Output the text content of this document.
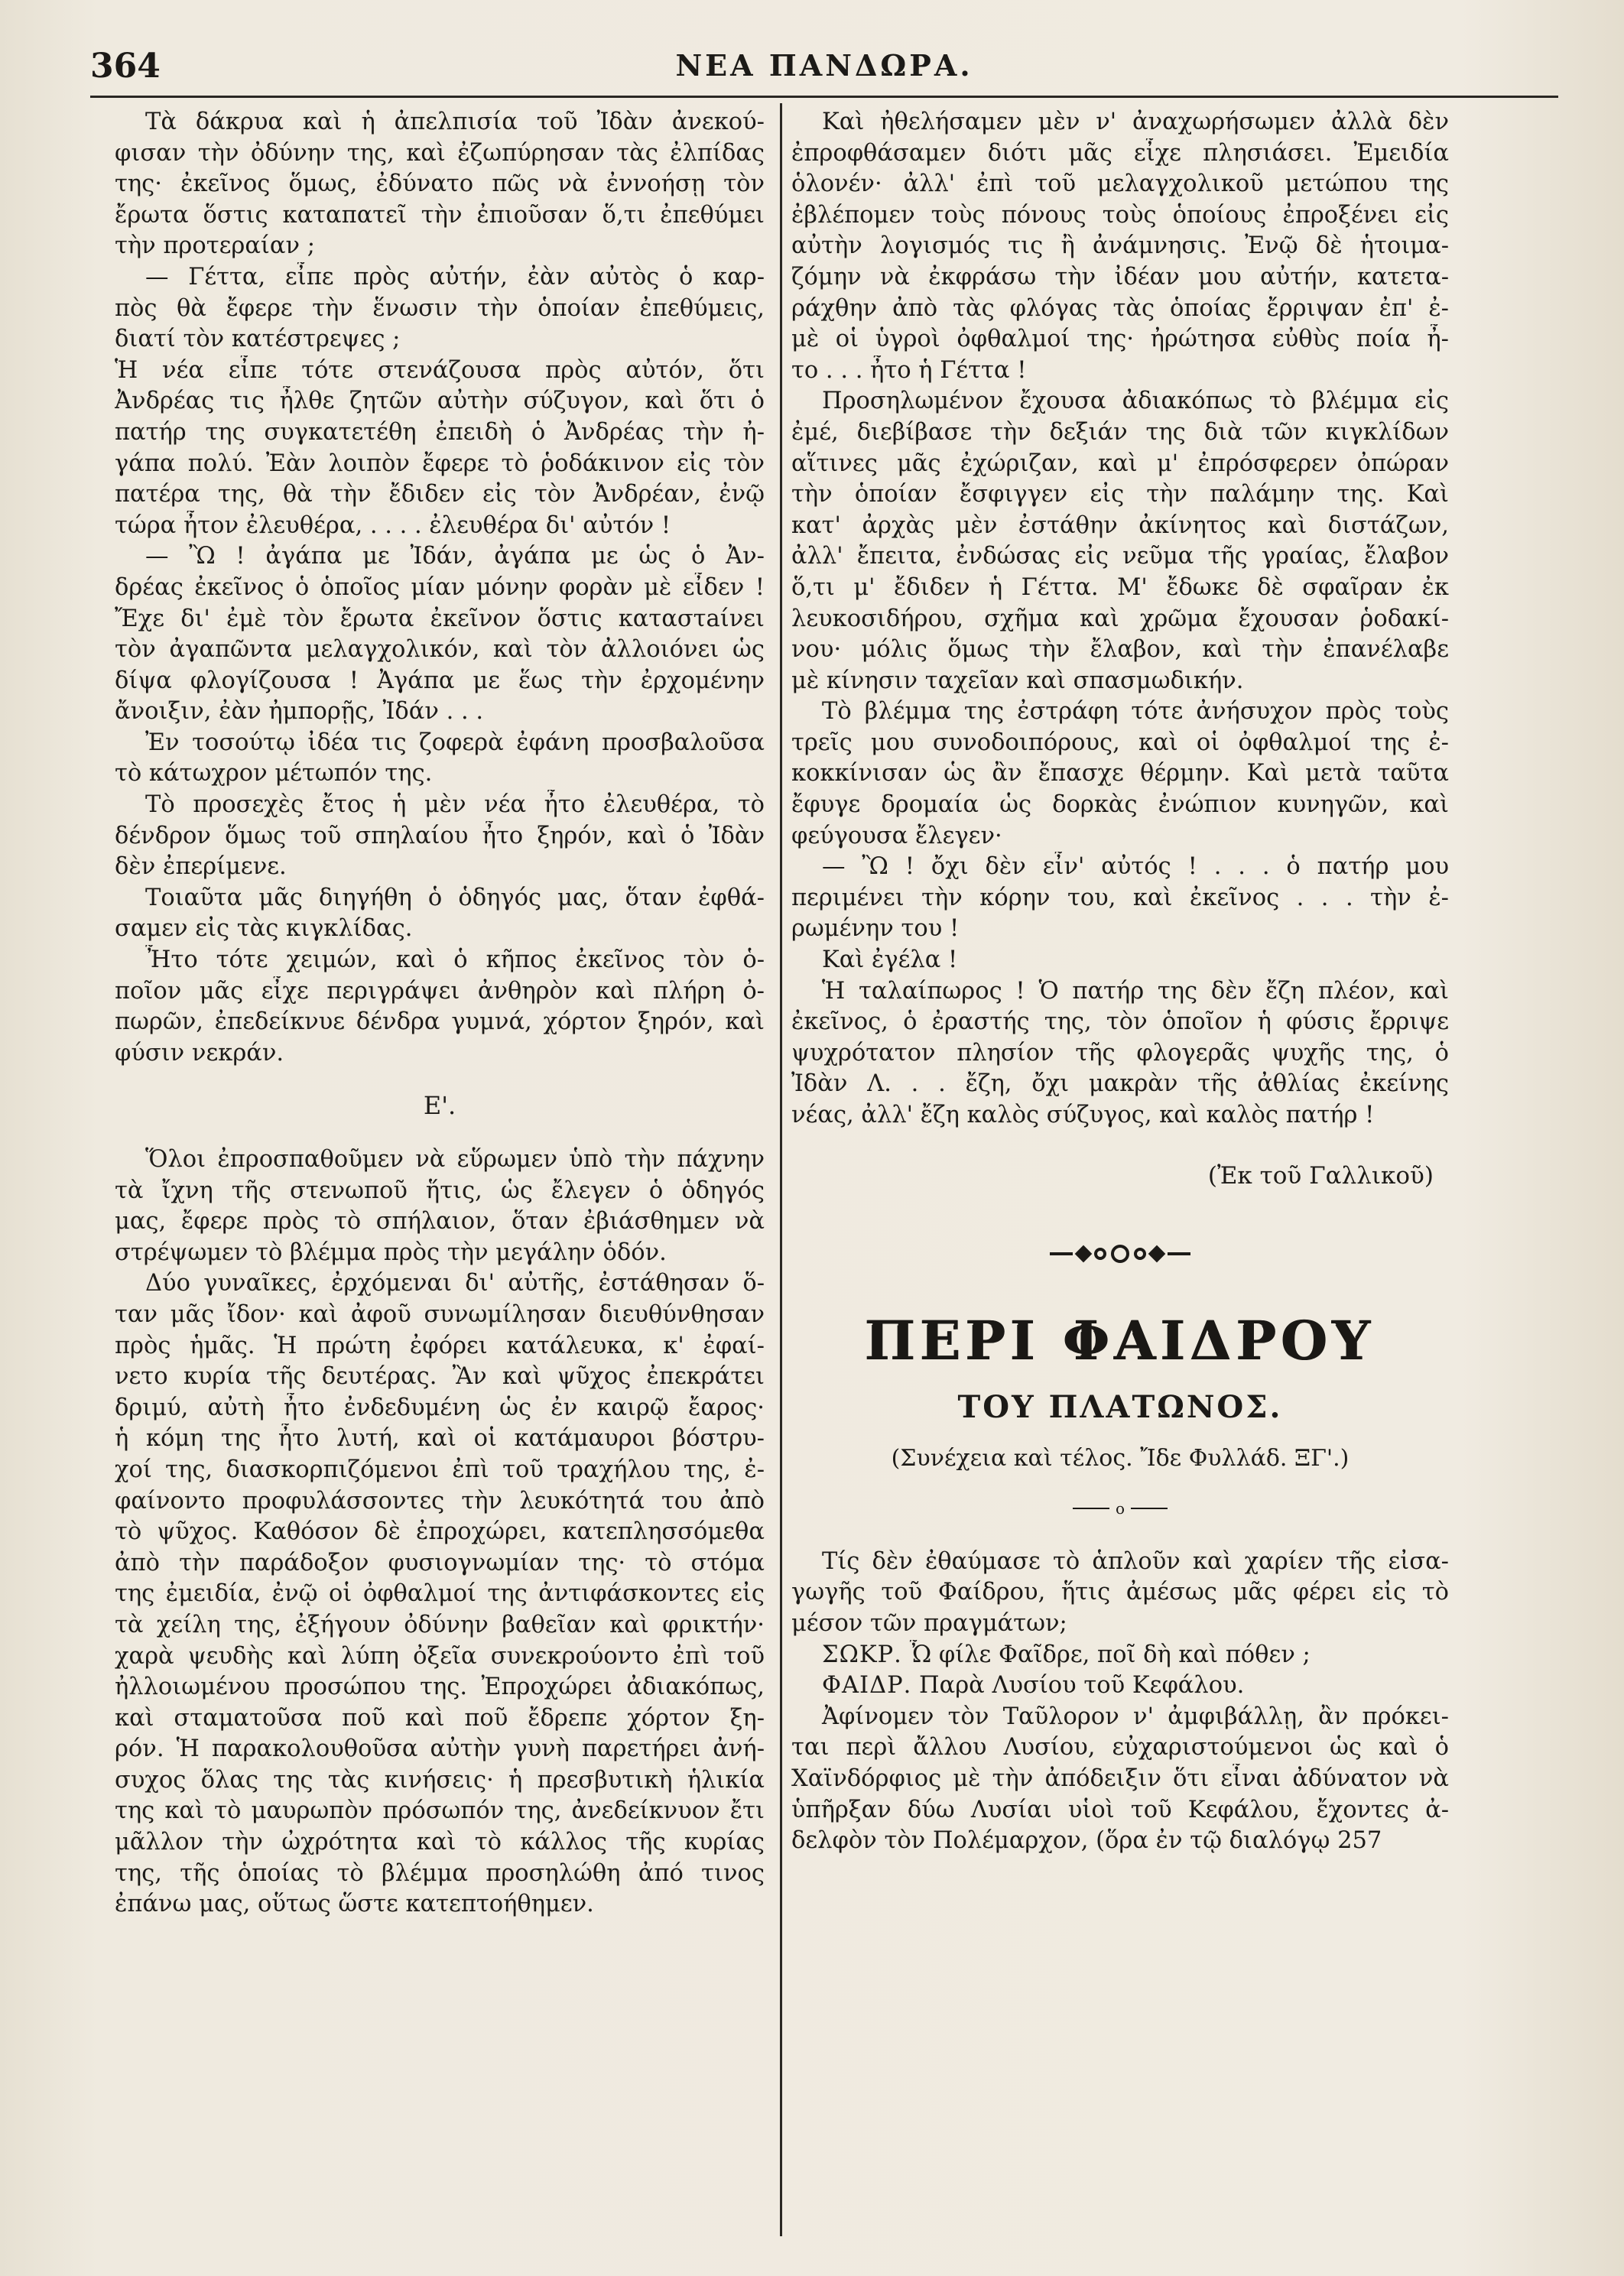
364	ΝΕΑ ΠΑΝΔΩΡΑ.
Τὰ δάκρυα καὶ ἡ ἀπελπισία τοῦ Ἰδὰν ἀνεκού-
φισαν τὴν ὀδύνην της, καὶ ἐζωπύρησαν τὰς ἐλπίδας
της· ἐκεῖνος ὅμως, ἐδύνατο πῶς νὰ ἐννοήσῃ τὸν
ἔρωτα ὅστις καταπατεῖ τὴν ἐπιοῦσαν ὅ,τι ἐπεθύμει
τὴν προτεραίαν ;
— Γέττα, εἶπε πρὸς αὐτήν, ἐὰν αὐτὸς ὁ καρ-
πὸς θὰ ἔφερε τὴν ἕνωσιν τὴν ὁποίαν ἐπεθύμεις,
διατί τὸν κατέστρεψες ;
Ἡ νέα εἶπε τότε στενάζουσα πρὸς αὐτόν, ὅτι
Ἀνδρέας τις ἦλθε ζητῶν αὐτὴν σύζυγον, καὶ ὅτι ὁ
πατήρ της συγκατετέθη ἐπειδὴ ὁ Ἀνδρέας τὴν ἠ-
γάπα πολύ. Ἐὰν λοιπὸν ἔφερε τὸ ῥοδάκινον εἰς τὸν
πατέρα της, θὰ τὴν ἔδιδεν εἰς τὸν Ἀνδρέαν, ἐνῷ
τώρα ἦτον ἐλευθέρα, . . . . ἐλευθέρα δι' αὐτόν !
— Ὢ ! ἀγάπα με Ἰδάν, ἀγάπα με ὡς ὁ Ἀν-
δρέας ἐκεῖνος ὁ ὁποῖος μίαν μόνην φορὰν μὲ εἶδεν !
Ἔχε δι' ἐμὲ τὸν ἔρωτα ἐκεῖνον ὅστις καταστaίνει
τὸν ἀγαπῶντα μελαγχολικόν, καὶ τὸν ἀλλοιόνει ὡς
δίψα φλογίζουσα ! Ἀγάπα με ἕως τὴν ἐρχομένην
ἄνοιξιν, ἐὰν ἠμπορῇς, Ἰδάν . . .
Ἐν τοσούτῳ ἰδέα τις ζοφερὰ ἐφάνη προσβαλοῦσα
τὸ κάτωχρον μέτωπόν της.
Τὸ προσεχὲς ἔτος ἡ μὲν νέα ἦτο ἐλευθέρα, τὸ
δένδρον ὅμως τοῦ σπηλαίου ἦτο ξηρόν, καὶ ὁ Ἰδὰν
δὲν ἐπερίμενε.
Τοιαῦτα μᾶς διηγήθη ὁ ὁδηγός μας, ὅταν ἐφθά-
σαμεν εἰς τὰς κιγκλίδας.
Ἦτο τότε χειμών, καὶ ὁ κῆπος ἐκεῖνος τὸν ὁ-
ποῖον μᾶς εἶχε περιγράψει ἀνθηρὸν καὶ πλήρη ὀ-
πωρῶν, ἐπεδείκνυε δένδρα γυμνά, χόρτον ξηρόν, καὶ
φύσιν νεκράν.
Ε'.
Ὅλοι ἐπροσπαθοῦμεν νὰ εὕρωμεν ὑπὸ τὴν πάχνην
τὰ ἴχνη τῆς στενωποῦ ἥτις, ὡς ἔλεγεν ὁ ὁδηγός
μας, ἔφερε πρὸς τὸ σπήλαιον, ὅταν ἐβιάσθημεν νὰ
στρέψωμεν τὸ βλέμμα πρὸς τὴν μεγάλην ὁδόν.
Δύο γυναῖκες, ἐρχόμεναι δι' αὐτῆς, ἐστάθησαν ὅ-
ταν μᾶς ἴδον· καὶ ἀφοῦ συνωμίλησαν διευθύνθησαν
πρὸς ἡμᾶς. Ἡ πρώτη ἐφόρει κατάλευκα, κ' ἐφαί-
νετο κυρία τῆς δευτέρας. Ἂν καὶ ψῦχος ἐπεκράτει
δριμύ, αὐτὴ ἦτο ἐνδεδυμένη ὡς ἐν καιρῷ ἔαρος·
ἡ κόμη της ἦτο λυτή, καὶ οἱ κατάμαυροι βόστρυ-
χοί της, διασκορπιζόμενοι ἐπὶ τοῦ τραχήλου της, ἐ-
φαίνοντο προφυλάσσοντες τὴν λευκότητά του ἀπὸ
τὸ ψῦχος. Καθόσον δὲ ἐπροχώρει, κατεπλησσόμεθα
ἀπὸ τὴν παράδοξον φυσιογνωμίαν της· τὸ στόμα
της ἐμειδία, ἐνῷ οἱ ὀφθαλμοί της ἀντιφάσκοντες εἰς
τὰ χείλη της, ἐξήγουν ὀδύνην βαθεῖαν καὶ φρικτήν·
χαρὰ ψευδὴς καὶ λύπη ὀξεῖα συνεκρούοντο ἐπὶ τοῦ
ἠλλοιωμένου προσώπου της. Ἐπροχώρει ἀδιακόπως,
καὶ σταματοῦσα ποῦ καὶ ποῦ ἔδρεπε χόρτον ξη-
ρόν. Ἡ παρακολουθοῦσα αὐτὴν γυνὴ παρετήρει ἀνή-
συχος ὅλας της τὰς κινήσεις· ἡ πρεσβυτικὴ ἡλικία
της καὶ τὸ μαυρωπὸν πρόσωπόν της, ἀνεδείκνυον ἔτι
μᾶλλον τὴν ὠχρότητα καὶ τὸ κάλλος τῆς κυρίας
της, τῆς ὁποίας τὸ βλέμμα προσηλώθη ἀπό τινος
ἐπάνω μας, οὕτως ὥστε κατεπτοήθημεν.
Καὶ ἠθελήσαμεν μὲν ν' ἀναχωρήσωμεν ἀλλὰ δὲν
ἐπροφθάσαμεν διότι μᾶς εἶχε πλησιάσει. Ἐμειδία
ὁλονέν· ἀλλ' ἐπὶ τοῦ μελαγχολικοῦ μετώπου της
ἐβλέπομεν τοὺς πόνους τοὺς ὁποίους ἐπροξένει εἰς
αὐτὴν λογισμός τις ἢ ἀνάμνησις. Ἐνῷ δὲ ἡτοιμα-
ζόμην νὰ ἐκφράσω τὴν ἰδέαν μου αὐτήν, κατετα-
ράχθην ἀπὸ τὰς φλόγας τὰς ὁποίας ἔρριψαν ἐπ' ἐ-
μὲ οἱ ὑγροὶ ὀφθαλμοί της· ἠρώτησα εὐθὺς ποία ἦ-
το . . . ἦτο ἡ Γέττα !
Προσηλωμένον ἔχουσα ἀδιακόπως τὸ βλέμμα εἰς
ἐμέ, διεβίβασε τὴν δεξιάν της διὰ τῶν κιγκλίδων
αἵτινες μᾶς ἐχώριζαν, καὶ μ' ἐπρόσφερεν ὀπώραν
τὴν ὁποίαν ἔσφιγγεν εἰς τὴν παλάμην της. Καὶ
κατ' ἀρχὰς μὲν ἐστάθην ἀκίνητος καὶ διστάζων,
ἀλλ' ἔπειτα, ἐνδώσας εἰς νεῦμα τῆς γραίας, ἔλαβον
ὅ,τι μ' ἔδιδεν ἡ Γέττα. Μ' ἔδωκε δὲ σφαῖραν ἐκ
λευκοσιδήρου, σχῆμα καὶ χρῶμα ἔχουσαν ῥοδακί-
νου· μόλις ὅμως τὴν ἔλαβον, καὶ τὴν ἐπανέλαβε
μὲ κίνησιν ταχεῖαν καὶ σπασμωδικήν.
Τὸ βλέμμα της ἐστράφη τότε ἀνήσυχον πρὸς τοὺς
τρεῖς μου συνοδοιπόρους, καὶ οἱ ὀφθαλμοί της ἐ-
κοκκίνισαν ὡς ἂν ἔπασχε θέρμην. Καὶ μετὰ ταῦτα
ἔφυγε δρομαία ὡς δορκὰς ἐνώπιον κυνηγῶν, καὶ
φεύγουσα ἔλεγεν·
— Ὢ ! ὄχι δὲν εἶν' αὐτός ! . . . ὁ πατήρ μου
περιμένει τὴν κόρην του, καὶ ἐκεῖνος . . . τὴν ἐ-
ρωμένην του !
Καὶ ἐγέλα !
Ἡ ταλαίπωρος ! Ὁ πατήρ της δὲν ἔζη πλέον, καὶ
ἐκεῖνος, ὁ ἐραστής της, τὸν ὁποῖον ἡ φύσις ἔρριψε
ψυχρότατον πλησίον τῆς φλογερᾶς ψυχῆς της, ὁ
Ἰδὰν Λ. . . ἔζη, ὄχι μακρὰν τῆς ἀθλίας ἐκείνης
νέας, ἀλλ' ἔζη καλὸς σύζυγος, καὶ καλὸς πατήρ !
(Ἐκ τοῦ Γαλλικοῦ)
ΠΕΡΙ ΦΑΙΔΡΟΥ
ΤΟΥ ΠΛΑΤΩΝΟΣ.
(Συνέχεια καὶ τέλος. Ἴδε Φυλλάδ. ΞΓ'.)
o
Τίς δὲν ἐθαύμασε τὸ ἁπλοῦν καὶ χαρίεν τῆς εἰσα-
γωγῆς τοῦ Φαίδρου, ἥτις ἀμέσως μᾶς φέρει εἰς τὸ
μέσον τῶν πραγμάτων;
ΣΩΚΡ. Ὦ φίλε Φαῖδρε, ποῖ δὴ καὶ πόθεν ;
ΦΑΙΔΡ. Παρὰ Λυσίου τοῦ Κεφάλου.
Ἀφίνομεν τὸν Ταῦλορον ν' ἀμφιβάλλῃ, ἂν πρόκει-
ται περὶ ἄλλου Λυσίου, εὐχαριστούμενοι ὡς καὶ ὁ
Χαϊνδόρφιος μὲ τὴν ἀπόδειξιν ὅτι εἶναι ἀδύνατον νὰ
ὑπῆρξαν δύω Λυσίαι υἱοὶ τοῦ Κεφάλου, ἔχοντες ἀ-
δελφὸν τὸν Πολέμαρχον, (ὅρα ἐν τῷ διαλόγῳ 257
